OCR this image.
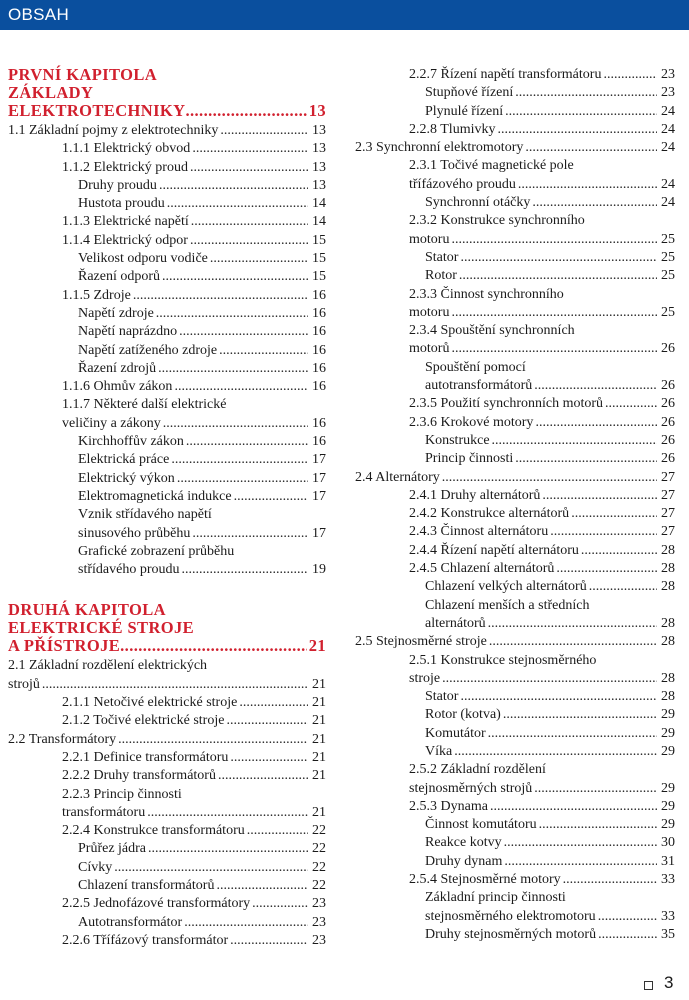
OBSAH
PRVNÍ KAPITOLA
ZÁKLADY
ELEKTROTECHNIKY .....	13
1.1 Základní pojmy z elektrotechniky .....	13
1.1.1 Elektrický obvod .....	13
1.1.2 Elektrický proud .....	13
Druhy proudu .....	13
Hustota proudu .....	14
1.1.3 Elektrické napětí .....	14
1.1.4 Elektrický odpor .....	15
Velikost odporu vodiče .....	15
Řazení odporů .....	15
1.1.5 Zdroje .....	16
Napětí zdroje .....	16
Napětí naprázdno .....	16
Napětí zatíženého zdroje .....	16
Řazení zdrojů .....	16
1.1.6 Ohmův zákon .....	16
1.1.7 Některé další elektrické
veličiny a zákony .....	16
Kirchhoffův zákon .....	16
Elektrická práce .....	17
Elektrický výkon .....	17
Elektromagnetická indukce .....	17
Vznik střídavého napětí
sinusového průběhu .....	17
Grafické zobrazení průběhu
střídavého proudu .....	19
DRUHÁ KAPITOLA
ELEKTRICKÉ STROJE
A PŘÍSTROJE .....	21
2.1 Základní rozdělení elektrických
strojů .....	21
2.1.1 Netočivé elektrické stroje .....	21
2.1.2 Točivé elektrické stroje .....	21
2.2 Transformátory .....	21
2.2.1 Definice transformátoru .....	21
2.2.2 Druhy transformátorů .....	21
2.2.3 Princip činnosti
transformátoru .....	21
2.2.4 Konstrukce transformátoru .....	22
Průřez jádra .....	22
Cívky .....	22
Chlazení transformátorů .....	22
2.2.5 Jednofázové transformátory .....	23
Autotransformátor .....	23
2.2.6 Třífázový transformátor .....	23
2.2.7 Řízení napětí transformátoru .....	23
Stupňové řízení .....	23
Plynulé řízení .....	24
2.2.8 Tlumivky .....	24
2.3 Synchronní elektromotory .....	24
2.3.1 Točivé magnetické pole
třífázového proudu .....	24
Synchronní otáčky .....	24
2.3.2 Konstrukce synchronního
motoru .....	25
Stator .....	25
Rotor .....	25
2.3.3 Činnost synchronního
motoru .....	25
2.3.4 Spouštění synchronních
motorů .....	26
Spouštění pomocí
autotransformátorů .....	26
2.3.5 Použití synchronních motorů .....	26
2.3.6 Krokové motory .....	26
Konstrukce .....	26
Princip činnosti .....	26
2.4 Alternátory .....	27
2.4.1 Druhy alternátorů .....	27
2.4.2 Konstrukce alternátorů .....	27
2.4.3 Činnost alternátoru .....	27
2.4.4 Řízení napětí alternátoru .....	28
2.4.5 Chlazení alternátorů .....	28
Chlazení velkých alternátorů .....	28
Chlazení menších a středních
alternátorů .....	28
2.5 Stejnosměrné stroje .....	28
2.5.1 Konstrukce stejnosměrného
stroje .....	28
Stator .....	28
Rotor (kotva) .....	29
Komutátor .....	29
Víka .....	29
2.5.2 Základní rozdělení
stejnosměrných strojů .....	29
2.5.3 Dynama .....	29
Činnost komutátoru .....	29
Reakce kotvy .....	30
Druhy dynam .....	31
2.5.4 Stejnosměrné motory .....	33
Základní princip činnosti
stejnosměrného elektromotoru .....	33
Druhy stejnosměrných motorů .....	35
3
